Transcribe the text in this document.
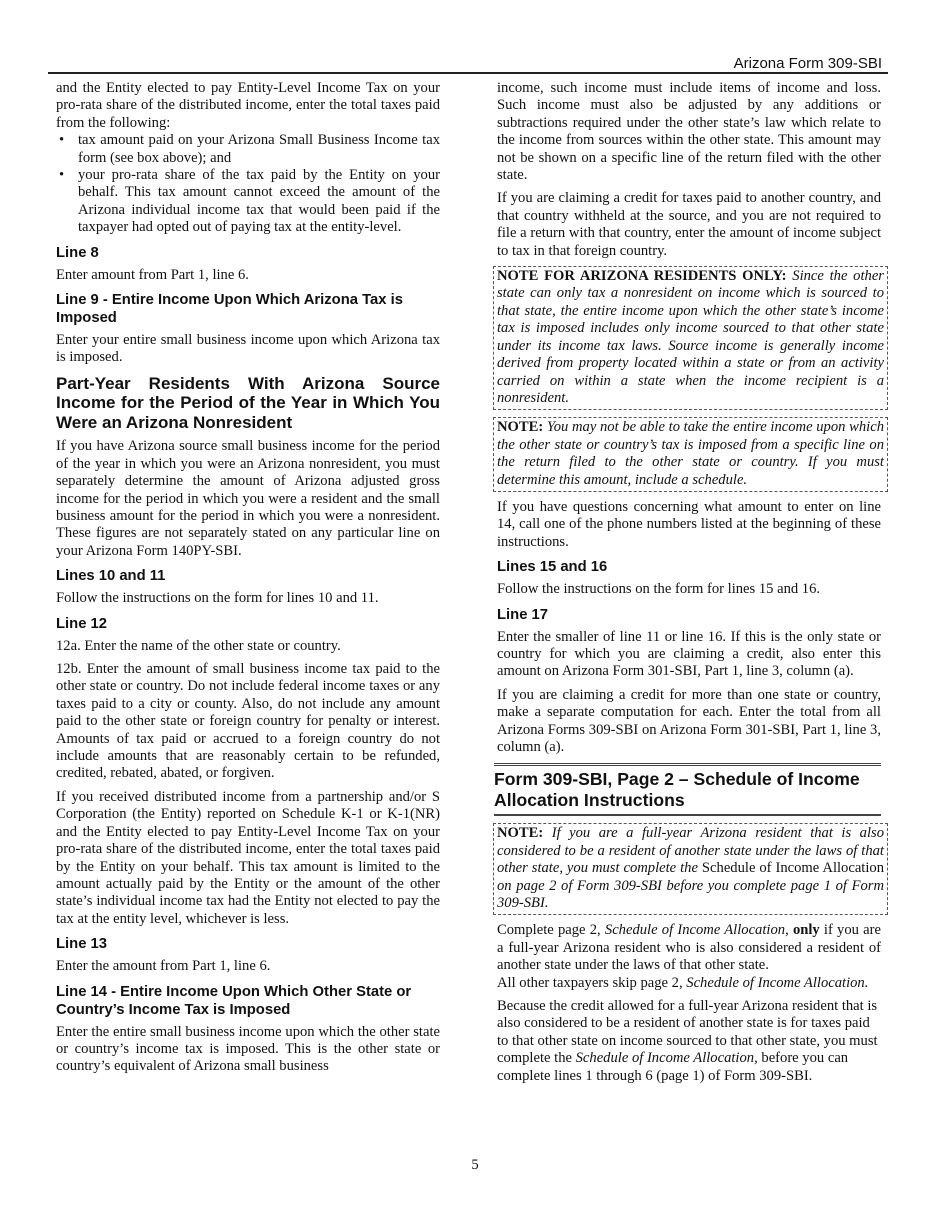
Arizona Form 309-SBI

and the Entity elected to pay Entity-Level Income Tax on your pro-rata share of the distributed income, enter the total taxes paid from the following:

• tax amount paid on your Arizona Small Business Income tax form (see box above); and
• your pro-rata share of the tax paid by the Entity on your behalf. This tax amount cannot exceed the amount of the Arizona individual income tax that would been paid if the taxpayer had opted out of paying tax at the entity-level.
Line 8

Enter amount from Part 1, line 6.

Line 9 - Entire Income Upon Which Arizona Tax is Imposed

Enter your entire small business income upon which Arizona tax is imposed.

Part-Year Residents With Arizona Source Income for the Period of the Year in Which You Were an Arizona Nonresident

If you have Arizona source small business income for the period of the year in which you were an Arizona nonresident, you must separately determine the amount of Arizona adjusted gross income for the period in which you were a resident and the small business amount for the period in which you were a nonresident. These figures are not separately stated on any particular line on your Arizona Form 140PY-SBI.

Lines 10 and 11

Follow the instructions on the form for lines 10 and 11.

Line 12

12a. Enter the name of the other state or country.

12b. Enter the amount of small business income tax paid to the other state or country. Do not include federal income taxes or any taxes paid to a city or county. Also, do not include any amount paid to the other state or foreign country for penalty or interest. Amounts of tax paid or accrued to a foreign country do not include amounts that are reasonably certain to be refunded, credited, rebated, abated, or forgiven.

If you received distributed income from a partnership and/or S Corporation (the Entity) reported on Schedule K-1 or K-1(NR) and the Entity elected to pay Entity-Level Income Tax on your pro-rata share of the distributed income, enter the total taxes paid by the Entity on your behalf. This tax amount is limited to the amount actually paid by the Entity or the amount of the other state’s individual income tax had the Entity not elected to pay the tax at the entity level, whichever is less.

Line 13

Enter the amount from Part 1, line 6.

Line 14 - Entire Income Upon Which Other State or Country’s Income Tax is Imposed

Enter the entire small business income upon which the other state or country’s income tax is imposed. This is the other state or country’s equivalent of Arizona small business

income, such income must include items of income and loss. Such income must also be adjusted by any additions or subtractions required under the other state’s law which relate to the income from sources within the other state. This amount may not be shown on a specific line of the return filed with the other state.

If you are claiming a credit for taxes paid to another country, and that country withheld at the source, and you are not required to file a return with that country, enter the amount of income subject to tax in that foreign country.

NOTE FOR ARIZONA RESIDENTS ONLY: Since the other state can only tax a nonresident on income which is sourced to that state, the entire income upon which the other state’s income tax is imposed includes only income sourced to that other state under its income tax laws. Source income is generally income derived from property located within a state or from an activity carried on within a state when the income recipient is a nonresident.
NOTE: You may not be able to take the entire income upon which the other state or country’s tax is imposed from a specific line on the return filed to the other state or country. If you must determine this amount, include a schedule.

If you have questions concerning what amount to enter on line 14, call one of the phone numbers listed at the beginning of these instructions.

Lines 15 and 16

Follow the instructions on the form for lines 15 and 16.

Line 17

Enter the smaller of line 11 or line 16. If this is the only state or country for which you are claiming a credit, also enter this amount on Arizona Form 301-SBI, Part 1, line 3, column (a).

If you are claiming a credit for more than one state or country, make a separate computation for each. Enter the total from all Arizona Forms 309-SBI on Arizona Form 301-SBI, Part 1, line 3, column (a).

Form 309-SBI, Page 2 – Schedule of Income Allocation Instructions
NOTE: If you are a full-year Arizona resident that is also considered to be a resident of another state under the laws of that other state, you must complete the Schedule of Income Allocation on page 2 of Form 309-SBI before you complete page 1 of Form 309-SBI.

Complete page 2, Schedule of Income Allocation, only if you are a full-year Arizona resident who is also considered a resident of another state under the laws of that other state.

All other taxpayers skip page 2, Schedule of Income Allocation.

Because the credit allowed for a full-year Arizona resident that is also considered to be a resident of another state is for taxes paid to that other state on income sourced to that other state, you must complete the Schedule of Income Allocation, before you can complete lines 1 through 6 (page 1) of Form 309-SBI.

5
